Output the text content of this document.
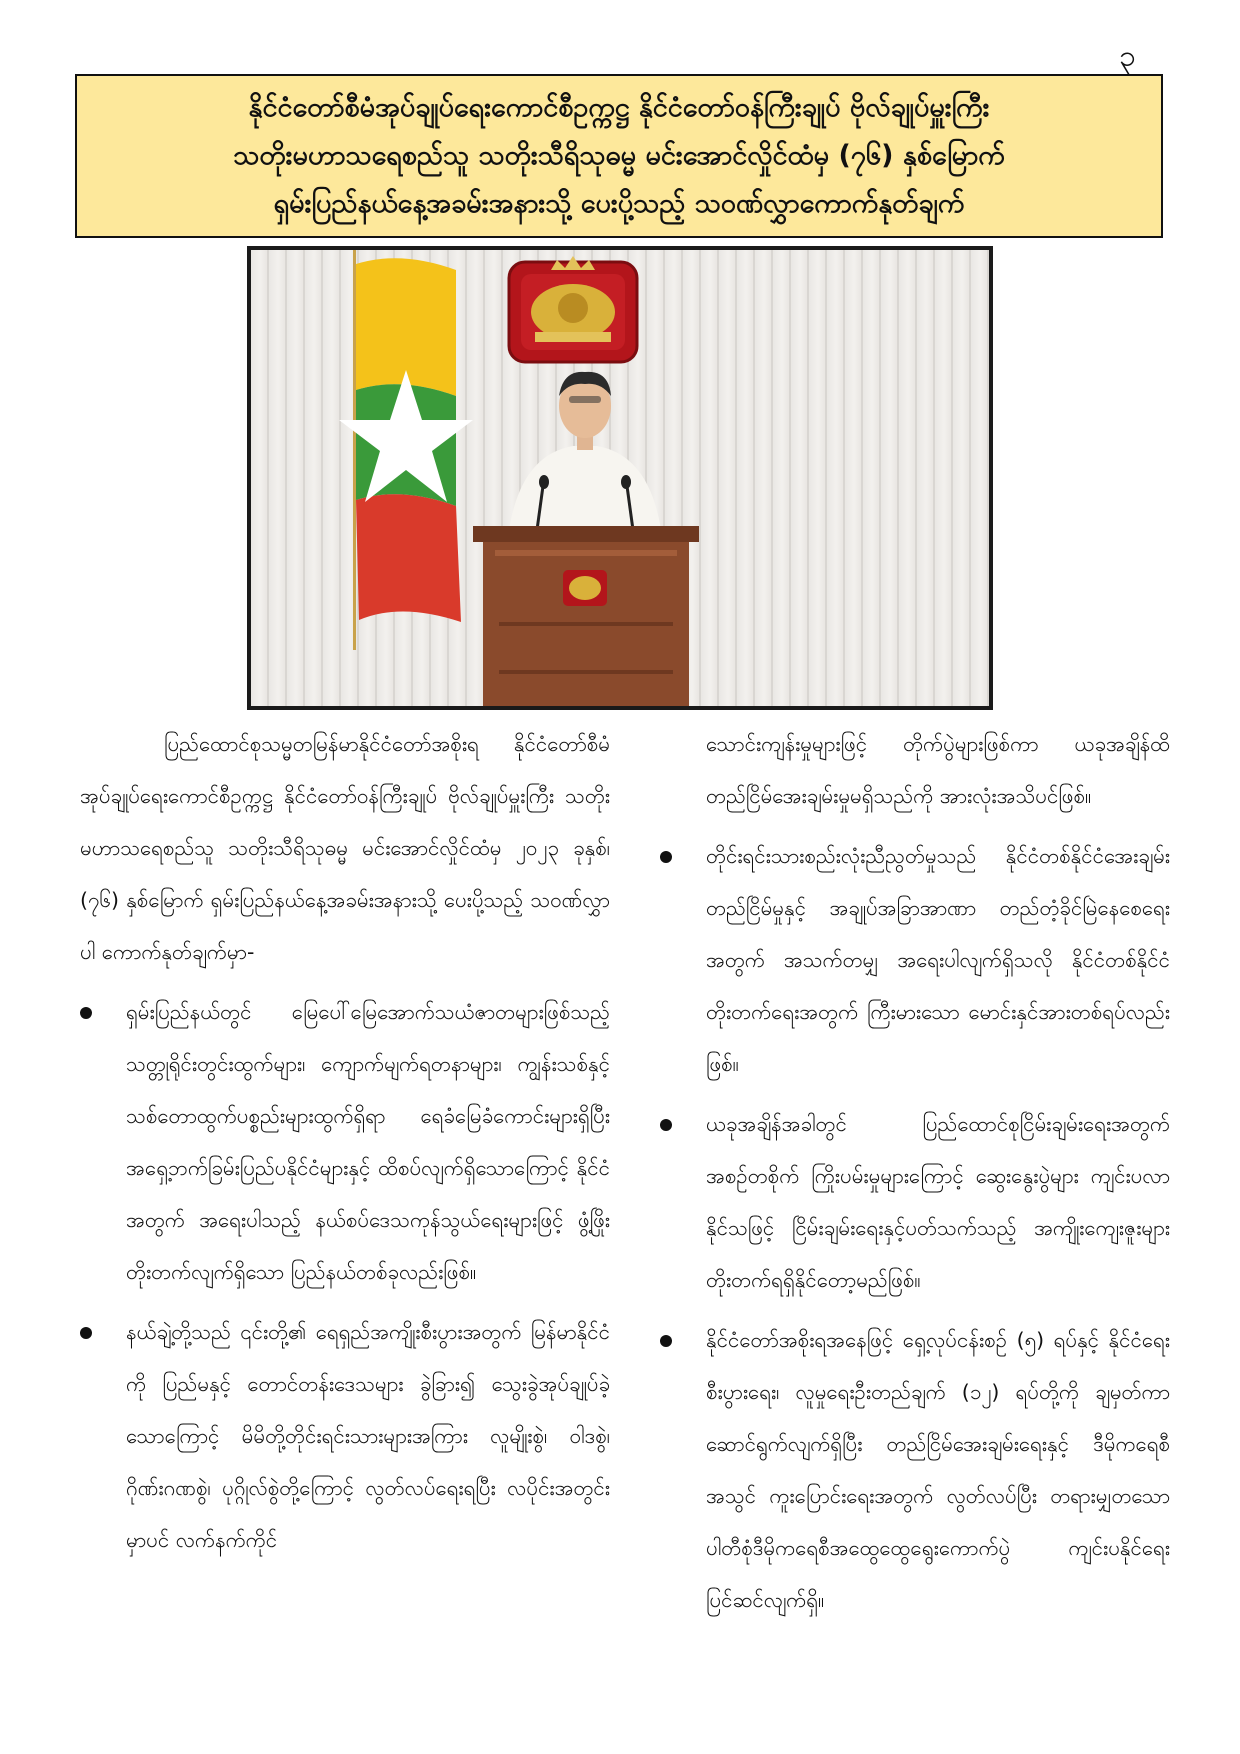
၃
နိုင်ငံတော်စီမံအုပ်ချုပ်ရေးကောင်စီဥက္ကဋ္ဌ နိုင်ငံတော်ဝန်ကြီးချုပ် ဗိုလ်ချုပ်မှူးကြီး
သတိုးမဟာသရေစည်သူ သတိုးသီရိသုဓမ္မ မင်းအောင်လှိုင်ထံမှ (၇၆) နှစ်မြောက်
ရှမ်းပြည်နယ်နေ့အခမ်းအနားသို့ ပေးပို့သည့် သဝဏ်လွှာကောက်နုတ်ချက်

ပြည်ထောင်စုသမ္မတမြန်မာနိုင်ငံတော်အစိုးရ နိုင်ငံတော်စီမံအုပ်ချုပ်ရေးကောင်စီဥက္ကဋ္ဌ နိုင်ငံတော်ဝန်ကြီးချုပ် ဗိုလ်ချုပ်မှူးကြီး သတိုးမဟာသရေစည်သူ သတိုးသီရိသုဓမ္မ မင်းအောင်လှိုင်ထံမှ ၂၀၂၃ ခုနှစ်၊ (၇၆) နှစ်မြောက် ရှမ်းပြည်နယ်နေ့အခမ်းအနားသို့ ပေးပို့သည့် သဝဏ်လွှာပါ ကောက်နုတ်ချက်မှာ-

ရှမ်းပြည်နယ်တွင် မြေပေါ်မြေအောက်သယံဇာတများဖြစ်သည့် သတ္တုရိုင်းတွင်းထွက်များ၊ ကျောက်မျက်ရတနာများ၊ ကျွန်းသစ်နှင့် သစ်တောထွက်ပစ္စည်းများထွက်ရှိရာ ရေခံမြေခံကောင်းများရှိပြီး အရှေ့ဘက်ခြမ်းပြည်ပနိုင်ငံများနှင့် ထိစပ်လျက်ရှိသောကြောင့် နိုင်ငံအတွက် အရေးပါသည့် နယ်စပ်ဒေသကုန်သွယ်ရေးများဖြင့် ဖွံ့ဖြိုးတိုးတက်လျက်ရှိသော ပြည်နယ်တစ်ခုလည်းဖြစ်။
နယ်ချဲ့တို့သည် ၎င်းတို့၏ ရေရှည်အကျိုးစီးပွားအတွက် မြန်မာနိုင်ငံကို ပြည်မနှင့် တောင်တန်းဒေသများ ခွဲခြား၍ သွေးခွဲအုပ်ချုပ်ခဲ့သောကြောင့် မိမိတို့တိုင်းရင်းသားများအကြား လူမျိုးစွဲ၊ ဝါဒစွဲ၊ ဂိုဏ်းဂဏစွဲ၊ ပုဂ္ဂိုလ်စွဲတို့ကြောင့် လွတ်လပ်ရေးရပြီး လပိုင်းအတွင်းမှာပင် လက်နက်ကိုင်
သောင်းကျန်းမှုများဖြင့် တိုက်ပွဲများဖြစ်ကာ ယခုအချိန်ထိ တည်ငြိမ်အေးချမ်းမှုမရှိသည်ကို အားလုံးအသိပင်ဖြစ်။
တိုင်းရင်းသားစည်းလုံးညီညွတ်မှုသည် နိုင်ငံတစ်နိုင်ငံအေးချမ်းတည်ငြိမ်မှုနှင့် အချုပ်အခြာအာဏာ တည်တံ့ခိုင်မြဲနေစေရေးအတွက် အသက်တမျှ အရေးပါလျက်ရှိသလို နိုင်ငံတစ်နိုင်ငံတိုးတက်ရေးအတွက် ကြီးမားသော မောင်းနှင်အားတစ်ရပ်လည်းဖြစ်။
ယခုအချိန်အခါတွင် ပြည်ထောင်စုငြိမ်းချမ်းရေးအတွက် အစဉ်တစိုက် ကြိုးပမ်းမှုများကြောင့် ဆွေးနွေးပွဲများ ကျင်းပလာနိုင်သဖြင့် ငြိမ်းချမ်းရေးနှင့်ပတ်သက်သည့် အကျိုးကျေးဇူးများ တိုးတက်ရရှိနိုင်တော့မည်ဖြစ်။
နိုင်ငံတော်အစိုးရအနေဖြင့် ရှေ့လုပ်ငန်းစဉ် (၅) ရပ်နှင့် နိုင်ငံရေး စီးပွားရေး၊ လူမှုရေးဦးတည်ချက် (၁၂) ရပ်တို့ကို ချမှတ်ကာ ဆောင်ရွက်လျက်ရှိပြီး တည်ငြိမ်အေးချမ်းရေးနှင့် ဒီမိုကရေစီအသွင် ကူးပြောင်းရေးအတွက် လွတ်လပ်ပြီး တရားမျှတသော ပါတီစုံဒီမိုကရေစီအထွေထွေရွေးကောက်ပွဲ ကျင်းပနိုင်ရေး ပြင်ဆင်လျက်ရှိ။
